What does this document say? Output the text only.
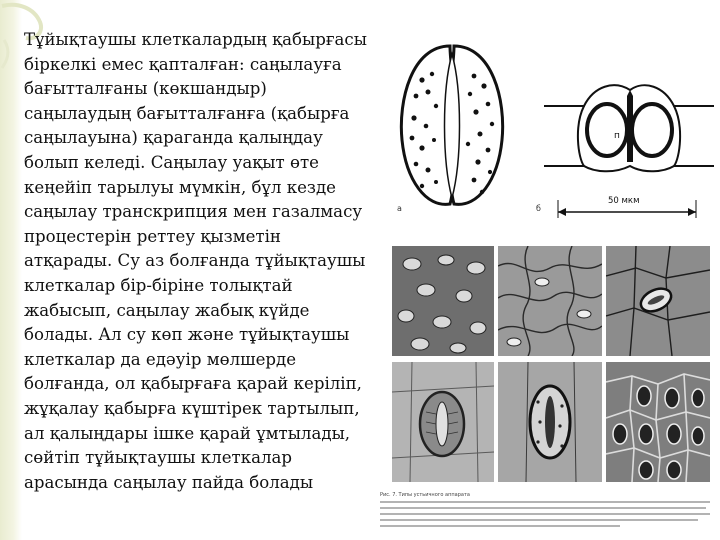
Тұйықтаушы клеткалардың қабырғасы біркелкі емес қапталған: саңылауға бағытталғаны (көкшандыр) саңылаудың бағытталғанға (қабырға саңылауына) қараганда қалыңдау болып келеді. Саңылау уақыт өте кеңейіп тарылуы мүмкін, бұл кезде саңылау транскрипция мен газалмасу процестерін реттеу қызметін атқарады. Су аз болғанда тұйықтаушы клеткалар бір-біріне толықтай жабысып, саңылау жабық күйде болады. Ал су көп және тұйықтаушы клеткалар да едәуір мөлшерде болғанда, ол қабырғаға қарай керіліп, жұқалау қабырға күштірек тартылып, ал қалыңдары ішке қарай ұмтылады, сөйтіп тұйықтаушы клеткалар арасында саңылау пайда болады
а
п
б
50 мкм
Рис. 7. Типы устьичного аппарата
